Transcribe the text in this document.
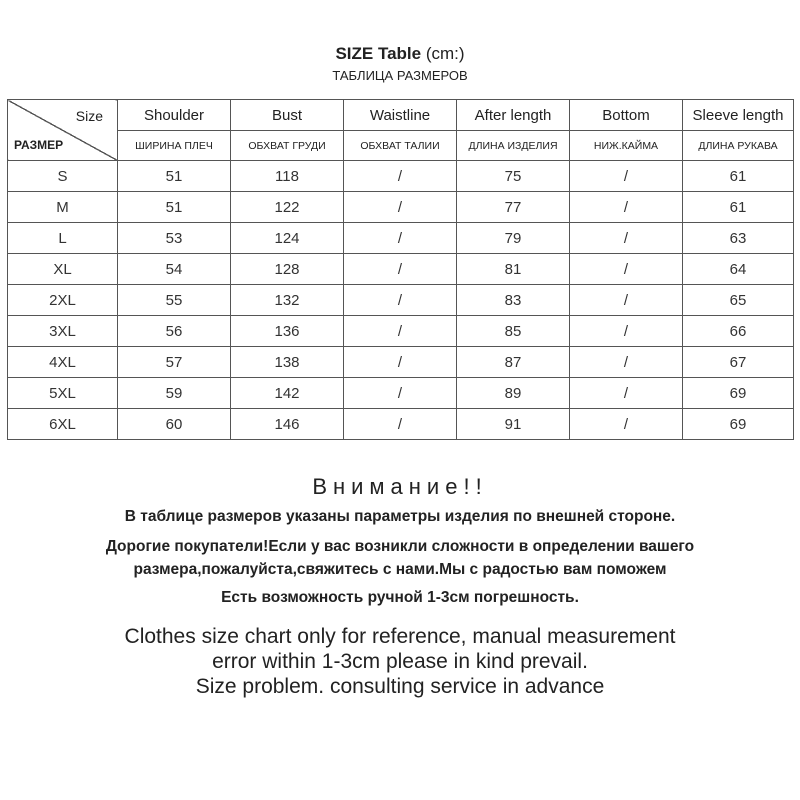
SIZE Table (cm:)
ТАБЛИЦА РАЗМЕРОВ
Size
РАЗМЕР	Shoulder	Bust	Waistline	After length	Bottom	Sleeve length
	ШИРИНА ПЛЕЧ	ОБХВАТ ГРУДИ	ОБХВАТ ТАЛИИ	ДЛИНА ИЗДЕЛИЯ	НИЖ.КАЙМА	ДЛИНА РУКАВА
S	51	118	/	75	/	61
M	51	122	/	77	/	61
L	53	124	/	79	/	63
XL	54	128	/	81	/	64
2XL	55	132	/	83	/	65
3XL	56	136	/	85	/	66
4XL	57	138	/	87	/	67
5XL	59	142	/	89	/	69
6XL	60	146	/	91	/	69
Внимание!!
В таблице размеров указаны параметры изделия по внешней стороне.
Дорогие покупатели!Если у вас возникли сложности в определении вашего
размера,пожалуйста,свяжитесь с нами.Мы с радостью вам поможем
Есть возможность ручной 1-3см погрешность.
Clothes size chart only for reference, manual measurement
error within 1-3cm please in kind prevail.
Size problem. consulting service in advance
